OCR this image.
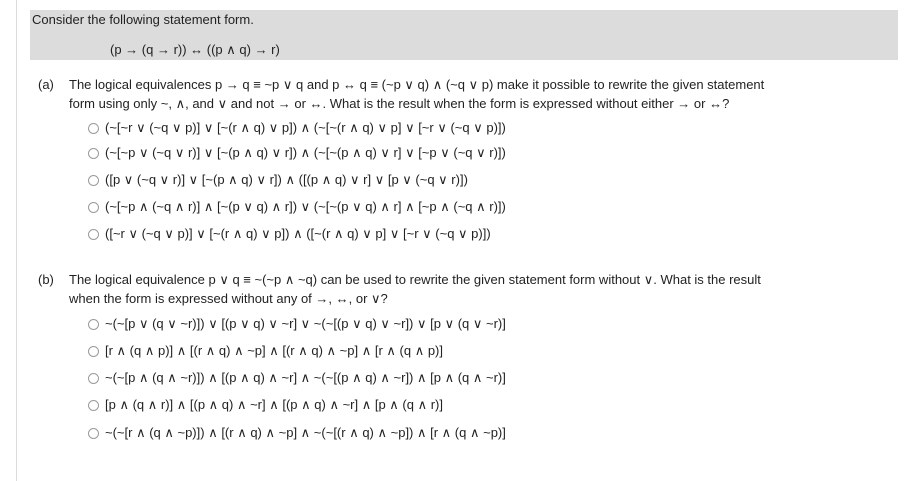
Consider the following statement form.
(p → (q → r)) ↔ ((p ∧ q) → r)
(a) The logical equivalences p → q ≡ ~p ∨ q and p ↔ q ≡ (~p ∨ q) ∧ (~q ∨ p) make it possible to rewrite the given statement
form using only ~, ∧, and ∨ and not → or ↔. What is the result when the form is expressed without either → or ↔?
(~[~r ∨ (~q ∨ p)] ∨ [~(r ∧ q) ∨ p]) ∧ (~[~(r ∧ q) ∨ p] ∨ [~r ∨ (~q ∨ p)])
(~[~p ∨ (~q ∨ r)] ∨ [~(p ∧ q) ∨ r]) ∧ (~[~(p ∧ q) ∨ r] ∨ [~p ∨ (~q ∨ r)])
([p ∨ (~q ∨ r)] ∨ [~(p ∧ q) ∨ r]) ∧ ([(p ∧ q) ∨ r] ∨ [p ∨ (~q ∨ r)])
(~[~p ∧ (~q ∧ r)] ∧ [~(p ∨ q) ∧ r]) ∨ (~[~(p ∨ q) ∧ r] ∧ [~p ∧ (~q ∧ r)])
([~r ∨ (~q ∨ p)] ∨ [~(r ∧ q) ∨ p]) ∧ ([~(r ∧ q) ∨ p] ∨ [~r ∨ (~q ∨ p)])
(b) The logical equivalence p ∨ q ≡ ~(~p ∧ ~q) can be used to rewrite the given statement form without ∨. What is the result
when the form is expressed without any of →, ↔, or ∨?
~(~[p ∨ (q ∨ ~r)]) ∨ [(p ∨ q) ∨ ~r] ∨ ~(~[(p ∨ q) ∨ ~r]) ∨ [p ∨ (q ∨ ~r)]
[r ∧ (q ∧ p)] ∧ [(r ∧ q) ∧ ~p] ∧ [(r ∧ q) ∧ ~p] ∧ [r ∧ (q ∧ p)]
~(~[p ∧ (q ∧ ~r)]) ∧ [(p ∧ q) ∧ ~r] ∧ ~(~[(p ∧ q) ∧ ~r]) ∧ [p ∧ (q ∧ ~r)]
[p ∧ (q ∧ r)] ∧ [(p ∧ q) ∧ ~r] ∧ [(p ∧ q) ∧ ~r] ∧ [p ∧ (q ∧ r)]
~(~[r ∧ (q ∧ ~p)]) ∧ [(r ∧ q) ∧ ~p] ∧ ~(~[(r ∧ q) ∧ ~p]) ∧ [r ∧ (q ∧ ~p)]
